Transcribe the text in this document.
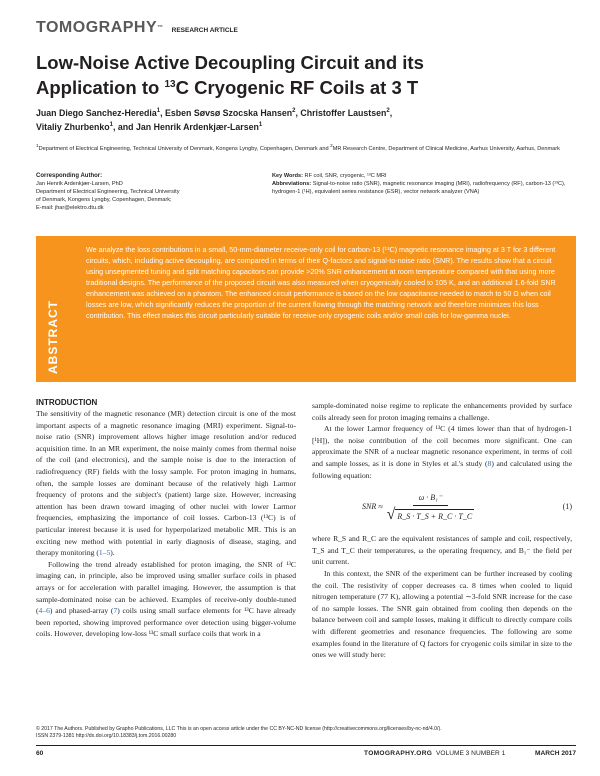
TOMOGRAPHY™ RESEARCH ARTICLE
Low-Noise Active Decoupling Circuit and its
Application to $^{13}$C Cryogenic RF Coils at 3 T
Juan Diego Sanchez-Heredia$^1$, Esben Søvsø Szocska Hansen$^2$, Christoffer Laustsen$^2$,
Vitaliy Zhurbenko$^1$, and Jan Henrik Ardenkjær-Larsen$^1$
$^1$Department of Electrical Engineering, Technical University of Denmark, Kongens Lyngby, Copenhagen, Denmark and $^2$MR Research Centre, Department of Clinical Medicine, Aarhus University, Aarhus, Denmark
Corresponding Author:
Jan Henrik Ardenkjær-Larsen, PhD
Department of Electrical Engineering, Technical University
of Denmark, Kongens Lyngby, Copenhagen, Denmark;
E-mail: jhar@elektro.dtu.dk
Key Words: RF coil, SNR, cryogenic, ¹³C MRI
Abbreviations: Signal-to-noise ratio (SNR), magnetic resonance imaging (MRI), radiofrequency (RF), carbon-13 (¹³C), hydrogen-1 (¹H), equivalent series resistance (ESR), vector network analyzer (VNA)
ABSTRACT
We analyze the loss contributions in a small, 50-mm-diameter receive-only coil for carbon-13 (¹³C) magnetic resonance imaging at 3 T for 3 different circuits, which, including active decoupling, are compared in terms of their Q-factors and signal-to-noise ratio (SNR). The results show that a circuit using unsegmented tuning and split matching capacitors can provide >20% SNR enhancement at room temperature compared with that using more traditional designs. The performance of the proposed circuit was also measured when cryogenically cooled to 105 K, and an additional 1.6-fold SNR enhancement was achieved on a phantom. The enhanced circuit performance is based on the low capacitance needed to match to 50 Ω when coil losses are low, which significantly reduces the proportion of the current flowing through the matching network and therefore minimizes this loss contribution. This effect makes this circuit particularly suitable for receive-only cryogenic coils and/or small coils for low-gamma nuclei.
INTRODUCTION

The sensitivity of the magnetic resonance (MR) detection circuit is one of the most important aspects of a magnetic resonance imaging (MRI) experiment. Signal-to-noise ratio (SNR) improvement allows higher image resolution and/or reduced acquisition time. In an MR experiment, the noise mainly comes from thermal noise of the coil (and electronics), and the sample noise is due to the interaction of radiofrequency (RF) fields with the lossy sample. For proton imaging in humans, often, the sample losses are dominant because of the relatively high Larmor frequency of protons and the subject's (patient) large size. However, increasing attention has been drawn toward imaging of other nuclei with lower Larmor frequencies, emphasizing the importance of coil losses. Carbon-13 (¹³C) is of particular interest because it is used for hyperpolarized metabolic MR. This is an exciting new method with potential in early diagnosis of disease, staging, and therapy monitoring (1–5).

Following the trend already established for proton imaging, the SNR of ¹³C imaging can, in principle, also be improved using smaller surface coils in phased arrays or for acceleration with parallel imaging. However, the assumption is that sample-dominated noise can be achieved. Examples of receive-only double-tuned (4–6) and phased-array (7) coils using small surface elements for ¹³C have already been reported, showing improved performance over detection using bigger-volume coils. However, developing low-loss ¹³C small surface coils that work in a

sample-dominated noise regime to replicate the enhancements provided by surface coils already seen for proton imaging remains a challenge.

At the lower Larmor frequency of ¹³C (4 times lower than that of hydrogen-1 [¹H]), the noise contribution of the coil becomes more significant. One can approximate the SNR of a nuclear magnetic resonance experiment, in terms of coil and sample losses, as it is done in Styles et al.'s study (8) and calculated using the following equation:

SNR ≈ $\frac{\text{ω · B₁⁻}}{√ R\_S \cdot T\_S + R\_C \cdot T\_C}$	(1)

where R_S and R_C are the equivalent resistances of sample and coil, respectively, T_S and T_C their temperatures, ω the operating frequency, and B₁⁻ the field per unit current.

In this context, the SNR of the experiment can be further increased by cooling the coil. The resistivity of copper decreases ca. 8 times when cooled to liquid nitrogen temperature (77 K), allowing a potential ∼3-fold SNR increase for the case of no sample losses. The SNR gain obtained from cooling then depends on the balance between coil and sample losses, making it difficult to directly compare coils with different geometries and resonance frequencies. The following are some examples found in the literature of Q factors for cryogenic coils similar in size to the ones we will study here:

© 2017 The Authors. Published by Grapho Publications, LLC This is an open access article under the CC BY-NC-ND license (http://creativecommons.org/licenses/by-nc-nd/4.0/).
ISSN 2379-1381 http://dx.doi.org/10.18383/j.tom.2016.00280
60	TOMOGRAPHY.ORG VOLUME 3 NUMBER 1	MARCH 2017
